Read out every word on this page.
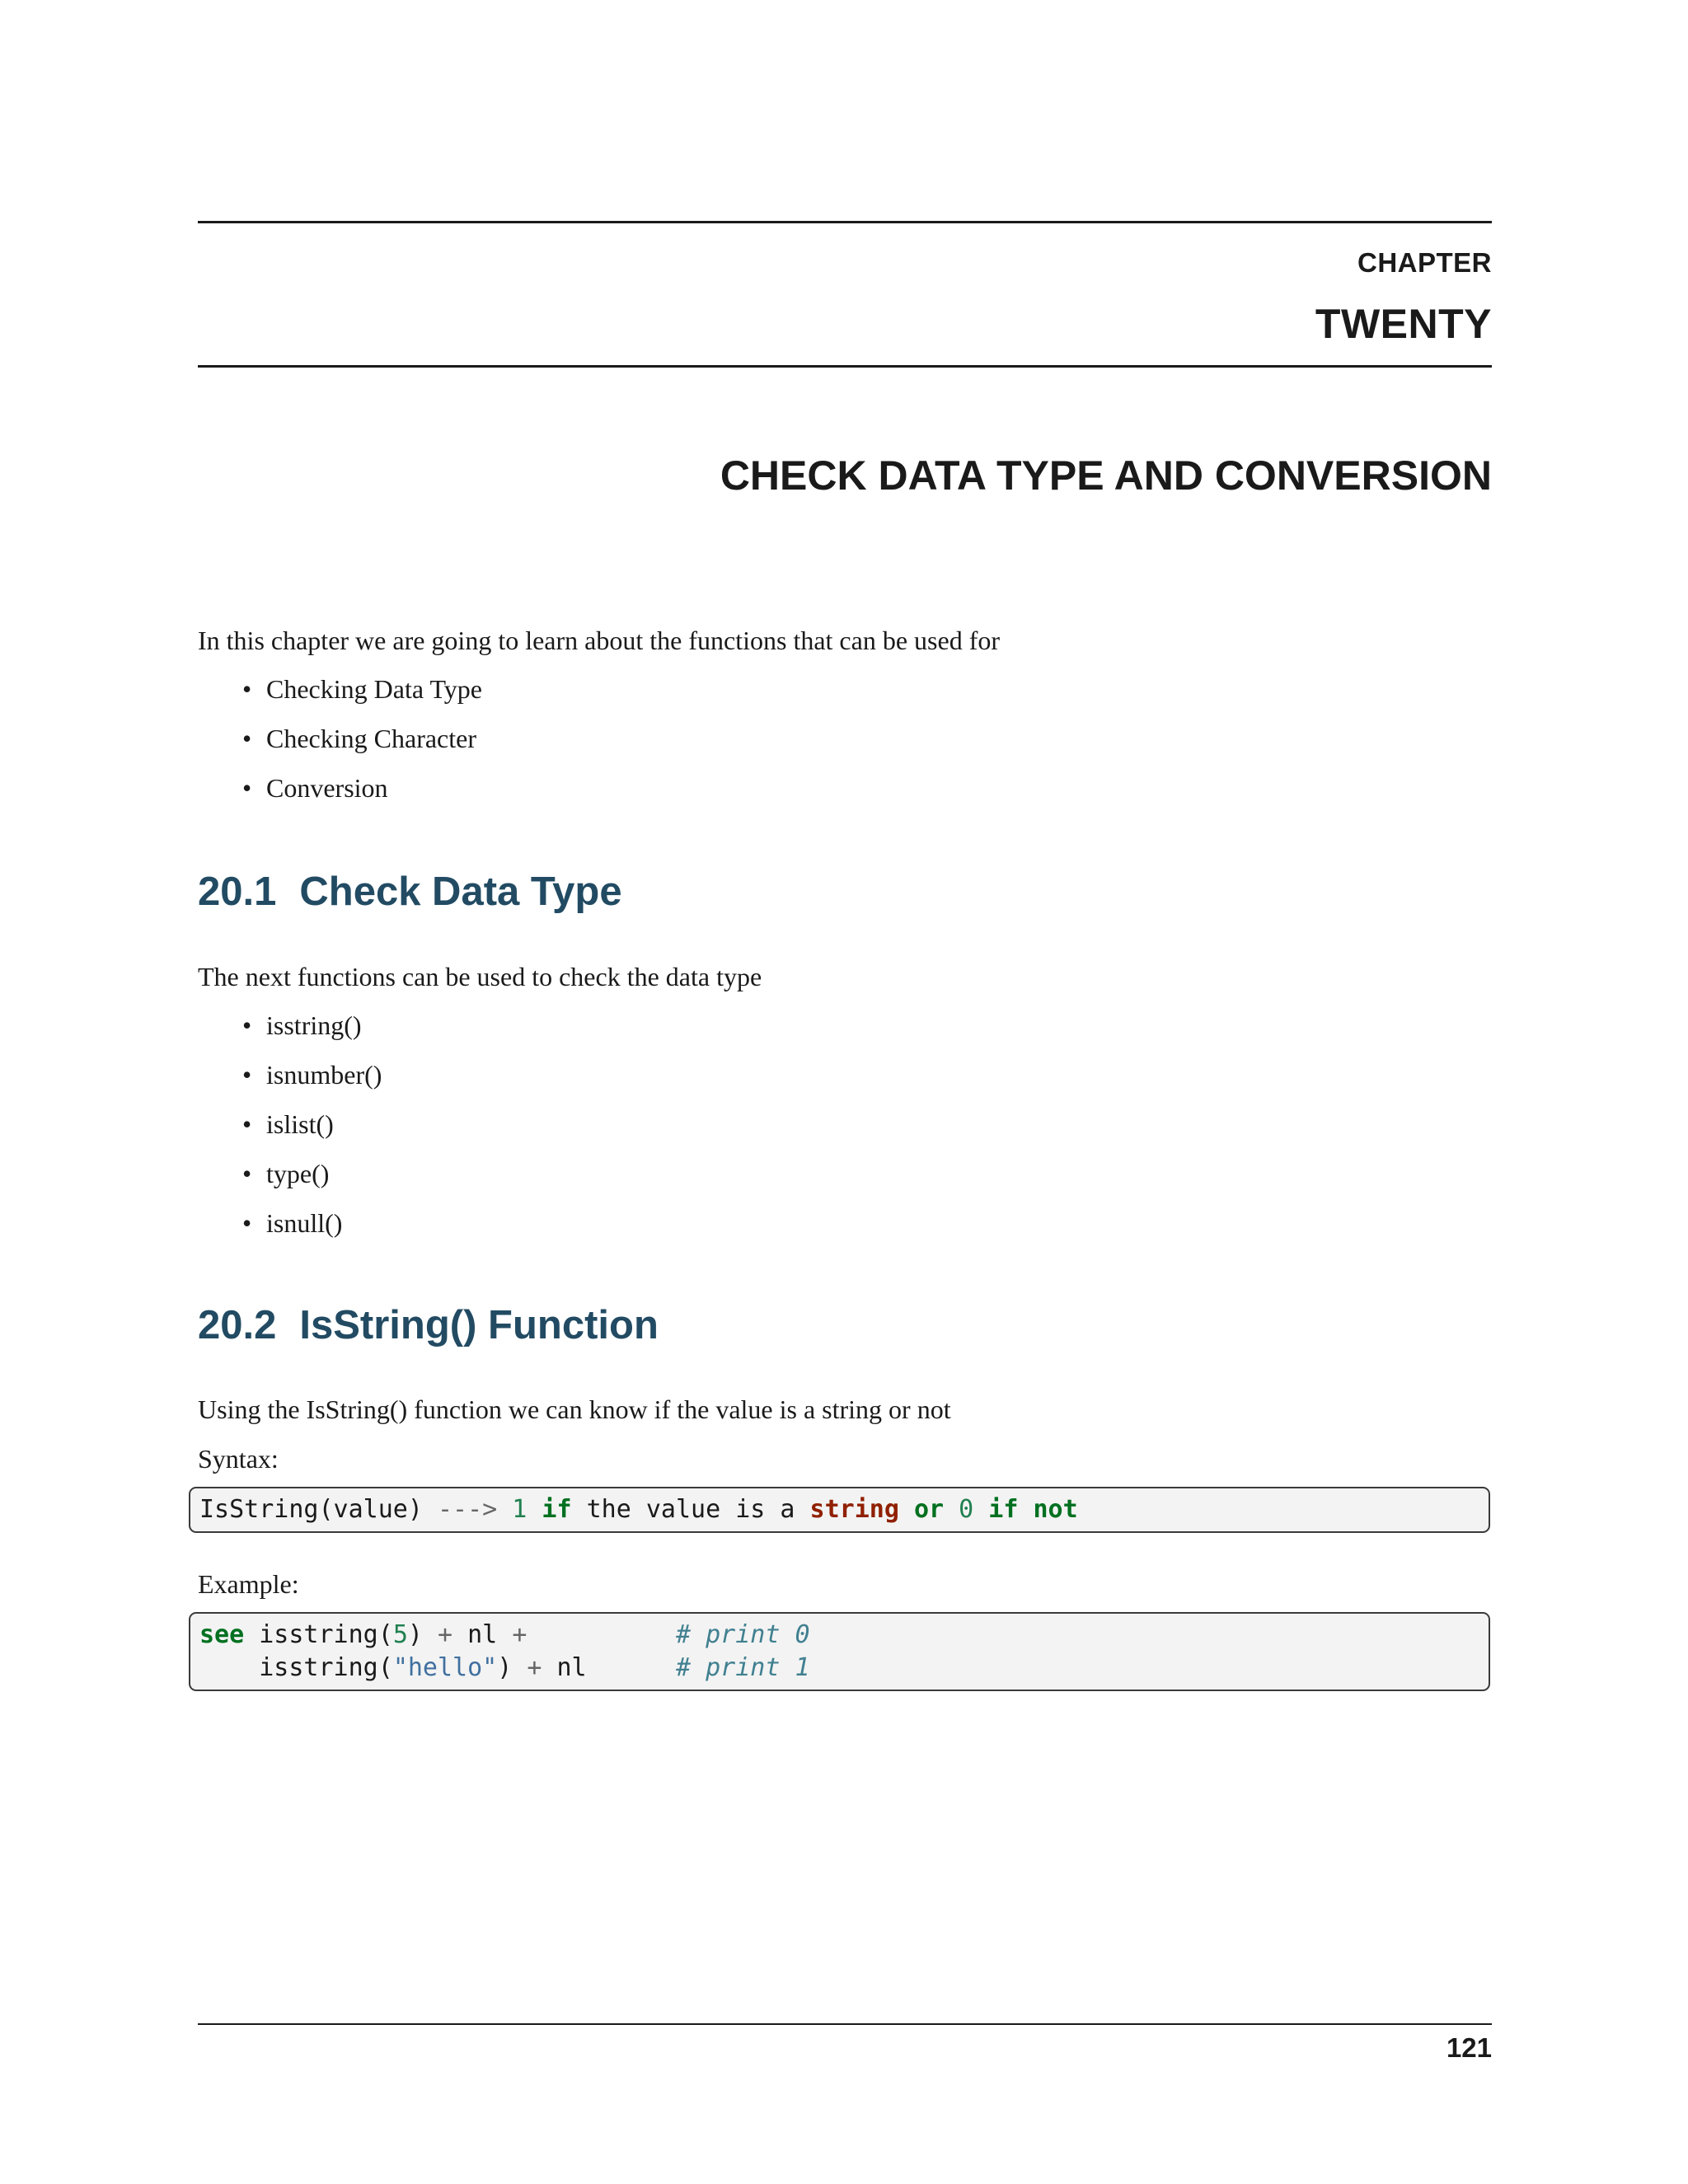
CHAPTER
TWENTY
CHECK DATA TYPE AND CONVERSION
In this chapter we are going to learn about the functions that can be used for
• Checking Data Type
• Checking Character
• Conversion
20.1 Check Data Type
The next functions can be used to check the data type
• isstring()
• isnumber()
• islist()
• type()
• isnull()
20.2 IsString() Function
Using the IsString() function we can know if the value is a string or not
Syntax:
IsString(value) ---> 1 if the value is a string or 0 if not
Example:
see isstring(5) + nl +	# print 0
isstring("hello") + nl	# print 1
121
